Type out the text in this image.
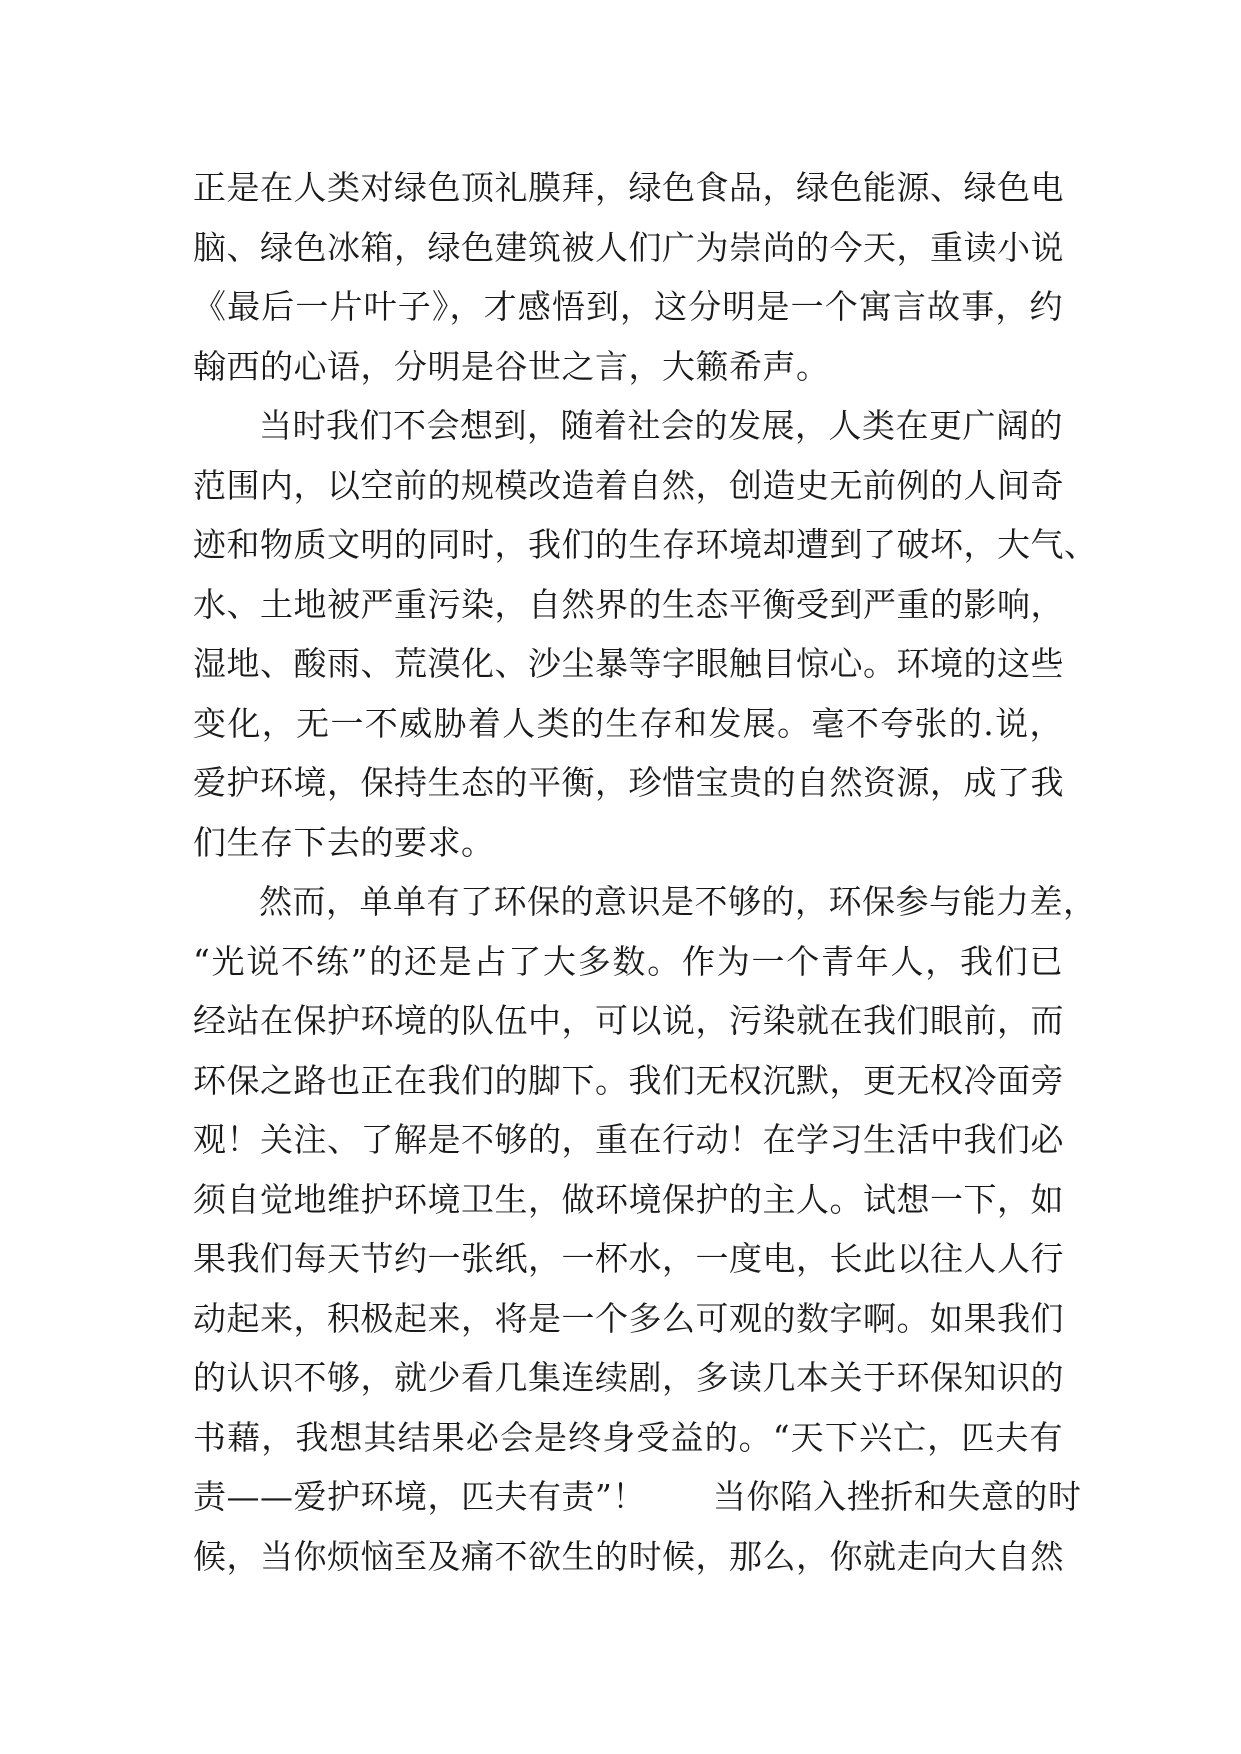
正是在人类对绿色顶礼膜拜，绿色食品，绿色能源、绿色电
脑、绿色冰箱，绿色建筑被人们广为崇尚的今天，重读小说
《最后一片叶子》，才感悟到，这分明是一个寓言故事，约
翰西的心语，分明是谷世之言，大籁希声。
当时我们不会想到，随着社会的发展，人类在更广阔的
范围内，以空前的规模改造着自然，创造史无前例的人间奇
迹和物质文明的同时，我们的生存环境却遭到了破坏，大气、
水、土地被严重污染，自然界的生态平衡受到严重的影响，
湿地、酸雨、荒漠化、沙尘暴等字眼触目惊心。环境的这些
变化，无一不威胁着人类的生存和发展。毫不夸张的.说，
爱护环境，保持生态的平衡，珍惜宝贵的自然资源，成了我
们生存下去的要求。
然而，单单有了环保的意识是不够的，环保参与能力差，
“光说不练”的还是占了大多数。作为一个青年人，我们已
经站在保护环境的队伍中，可以说，污染就在我们眼前，而
环保之路也正在我们的脚下。我们无权沉默，更无权冷面旁
观！关注、了解是不够的，重在行动！在学习生活中我们必
须自觉地维护环境卫生，做环境保护的主人。试想一下，如
果我们每天节约一张纸，一杯水，一度电，长此以往人人行
动起来，积极起来，将是一个多么可观的数字啊。如果我们
的认识不够，就少看几集连续剧，多读几本关于环保知识的
书藉，我想其结果必会是终身受益的。“天下兴亡，匹夫有
责——爱护环境，匹夫有责”！　　当你陷入挫折和失意的时
候，当你烦恼至及痛不欲生的时候，那么，你就走向大自然
